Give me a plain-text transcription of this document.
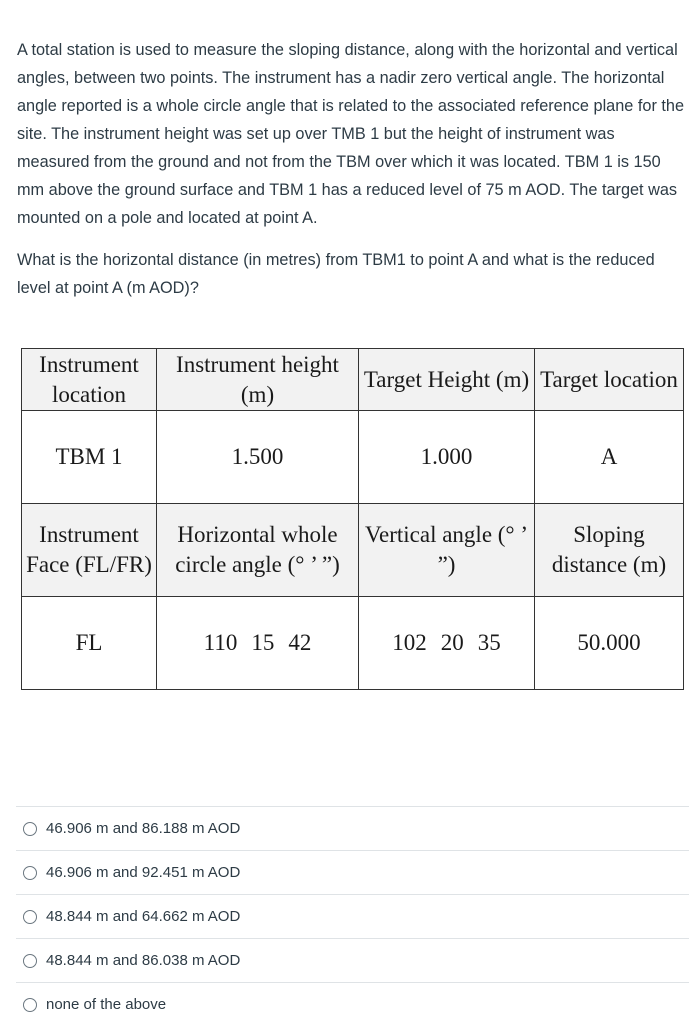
A total station is used to measure the sloping distance, along with the horizontal and vertical angles, between two points. The instrument has a nadir zero vertical angle. The horizontal angle reported is a whole circle angle that is related to the associated reference plane for the site. The instrument height was set up over TMB 1 but the height of instrument was measured from the ground and not from the TBM over which it was located. TBM 1 is 150 mm above the ground surface and TBM 1 has a reduced level of 75 m AOD. The target was mounted on a pole and located at point A.

What is the horizontal distance (in metres) from TBM1 to point A and what is the reduced level at point A (m AOD)?

Instrument location	Instrument height (m)	Target Height (m)	Target location
TBM 1	1.500	1.000	A
Instrument Face (FL/FR)	Horizontal whole circle angle (° ’ ”)	Vertical angle (° ’ ”)	Sloping distance (m)
FL	110 15 42	102 20 35	50.000
46.906 m and 86.188 m AOD
46.906 m and 92.451 m AOD
48.844 m and 64.662 m AOD
48.844 m and 86.038 m AOD
none of the above
